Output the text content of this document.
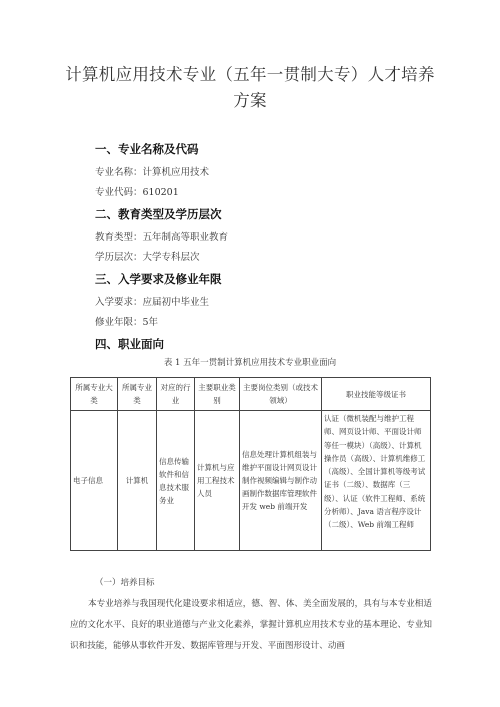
计算机应用技术专业（五年一贯制大专）人才培养方案
一、专业名称及代码
专业名称：计算机应用技术
专业代码：610201
二、教育类型及学历层次
教育类型：五年制高等职业教育
学历层次：大学专科层次
三、入学要求及修业年限
入学要求：应届初中毕业生
修业年限：5年
四、职业面向
表 1 五年一贯制计算机应用技术专业职业面向
所属专业大类	所属专业类	对应的行业	主要职业类别	主要岗位类别（或技术领域）	职业技能等级证书
电子信息	计算机	信息传输软件和信息技术服务业	计算机与应用工程技术人员	信息处理计算机组装与维护平面设计网页设计制作视频编辑与制作动画制作数据库管理软件开发 web 前端开发	认证（微机装配与维护工程师、网页设计师、平面设计师等任一模块）（高级）、计算机操作员（高级）、计算机维修工（高级）、全国计算机等级考试证书（二级）、数据库（三级）、认证（软件工程师、系统分析师）、Java 语言程序设计（二级）、Web 前端工程师
（一）培养目标
本专业培养与我国现代化建设要求相适应，德、智、体、美全面发展的，具有与本专业相适应的文化水平、良好的职业道德与产业文化素养，掌握计算机应用技术专业的基本理论、专业知识和技能，能够从事软件开发、数据库管理与开发、平面图形设计、动画
